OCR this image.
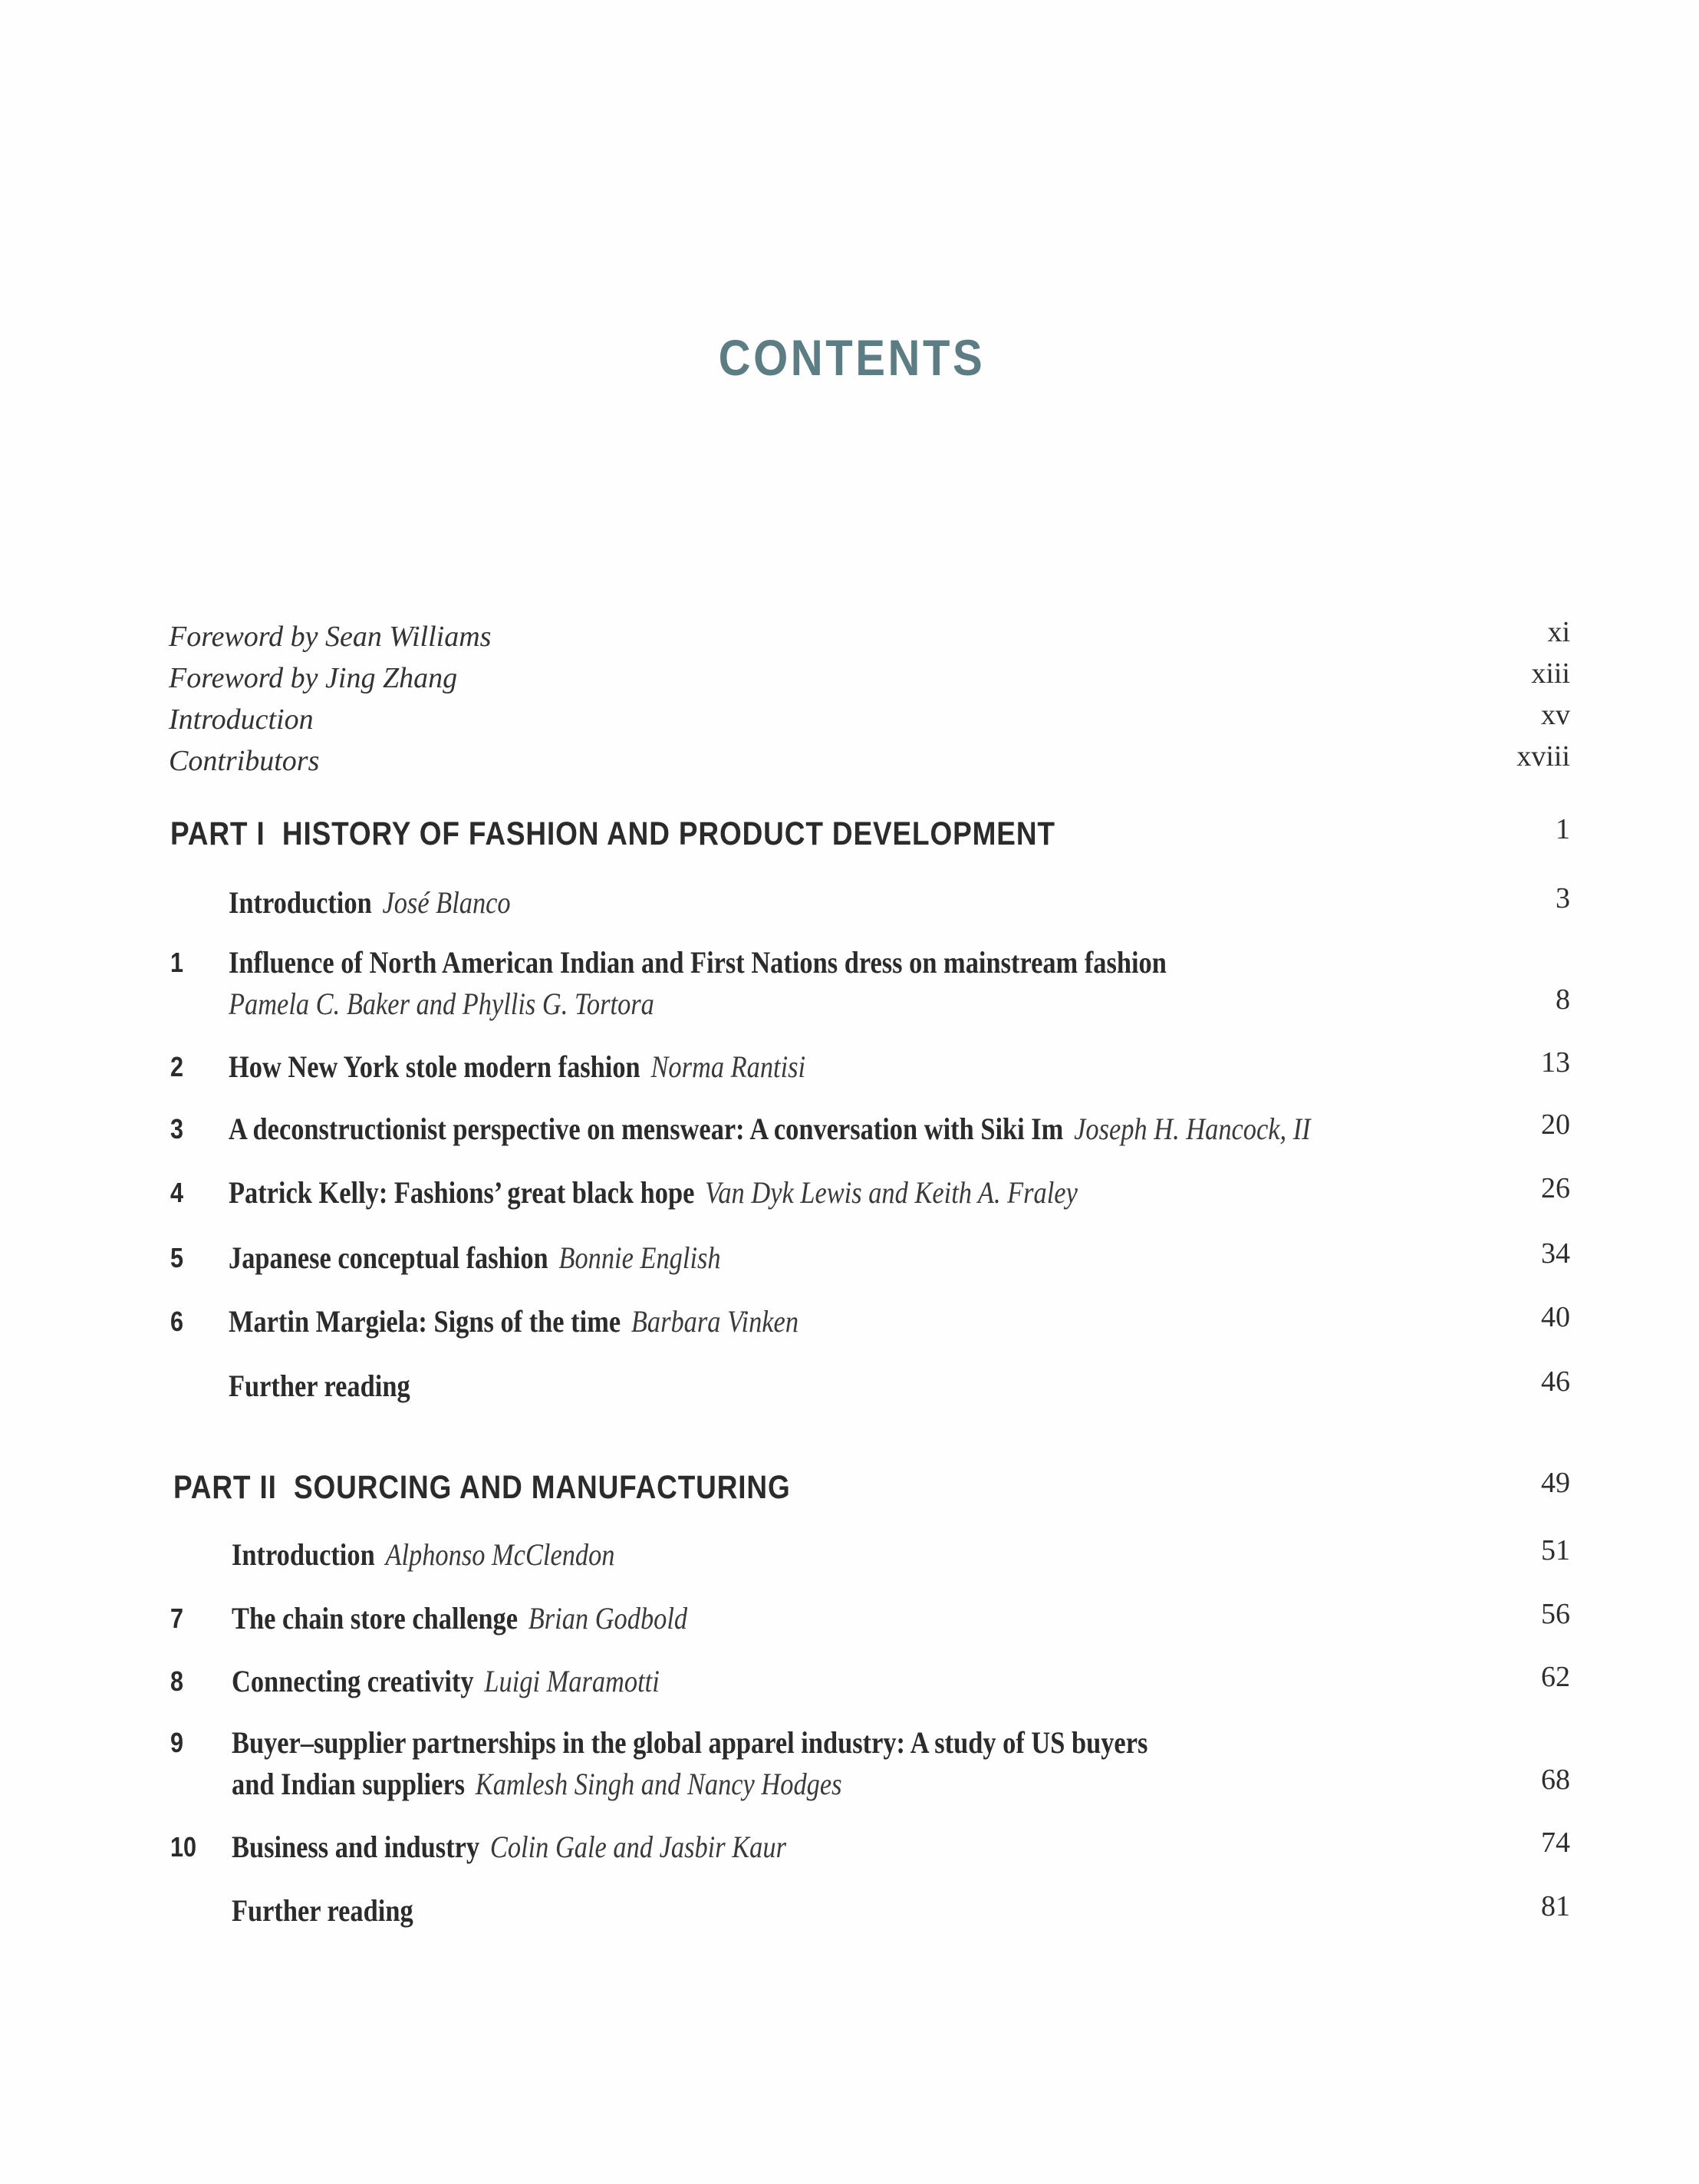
CONTENTS
Foreword by Sean Williams	xi
Foreword by Jing Zhang	xiii
Introduction	xv
Contributors	xviii
PART I  HISTORY OF FASHION AND PRODUCT DEVELOPMENT	1
Introduction José Blanco	3
1 Influence of North American Indian and First Nations dress on mainstream fashion
Pamela C. Baker and Phyllis G. Tortora	8
2 How New York stole modern fashion Norma Rantisi	13
3 A deconstructionist perspective on menswear: A conversation with Siki Im Joseph H. Hancock, II	20
4 Patrick Kelly: Fashions’ great black hope Van Dyk Lewis and Keith A. Fraley	26
5 Japanese conceptual fashion Bonnie English	34
6 Martin Margiela: Signs of the time Barbara Vinken	40
Further reading	46
PART II  SOURCING AND MANUFACTURING	49
Introduction Alphonso McClendon	51
7 The chain store challenge Brian Godbold	56
8 Connecting creativity Luigi Maramotti	62
9 Buyer–supplier partnerships in the global apparel industry: A study of US buyers
and Indian suppliers Kamlesh Singh and Nancy Hodges	68
10 Business and industry Colin Gale and Jasbir Kaur	74
Further reading	81
